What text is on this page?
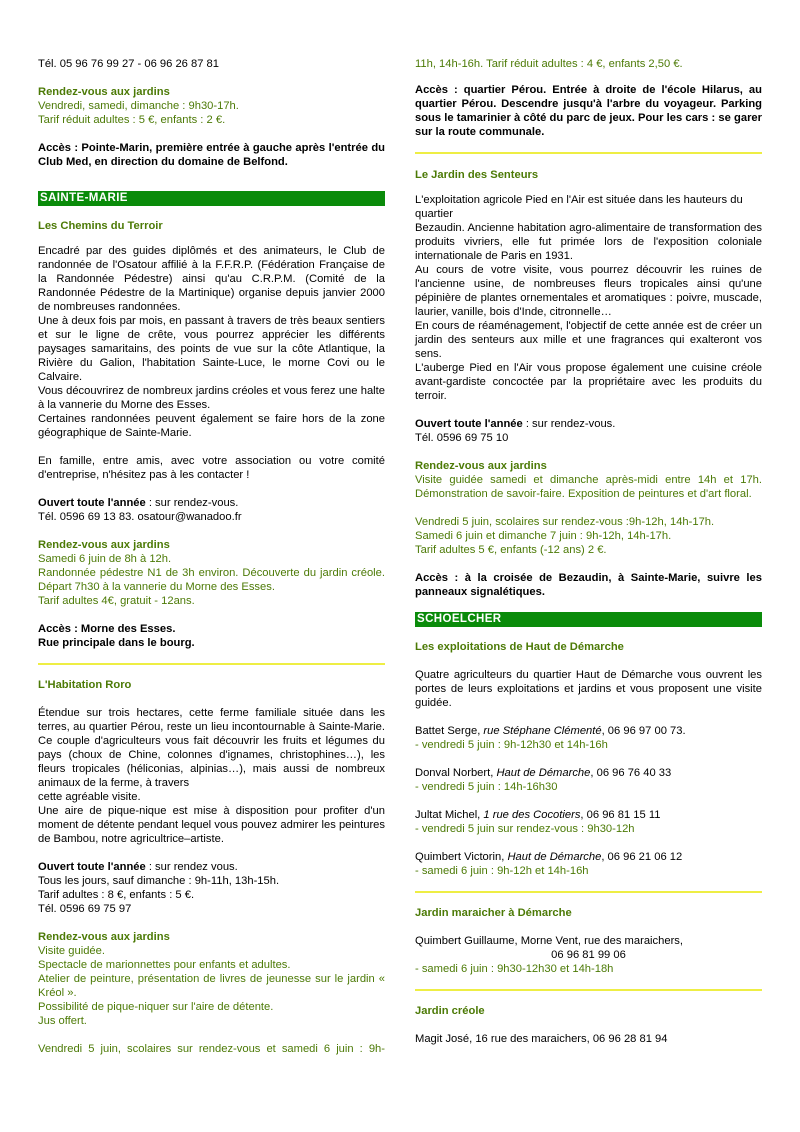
Tél. 05 96 76 99 27 - 06 96 26 87 81

Rendez-vous aux jardins

Vendredi, samedi, dimanche : 9h30-17h.

Tarif réduit adultes : 5 €, enfants : 2 €.

Accès : Pointe-Marin, première entrée à gauche après l'entrée du Club Med, en direction du domaine de Belfond.

SAINTE-MARIE

Les Chemins du Terroir

Encadré par des guides diplômés et des animateurs, le Club de randonnée de l'Osatour affilié à la F.F.R.P. (Fédération Française de la Randonnée Pédestre) ainsi qu'au C.R.P.M. (Comité de la Randonnée Pédestre de la Martinique) organise depuis janvier 2000 de nombreuses randonnées.

Une à deux fois par mois, en passant à travers de très beaux sentiers et sur le ligne de crête, vous pourrez apprécier les différents paysages samaritains, des points de vue sur la côte Atlantique, la Rivière du Galion, l'habitation Sainte-Luce, le morne Covi ou le Calvaire.

Vous découvrirez de nombreux jardins créoles et vous ferez une halte à la vannerie du Morne des Esses.

Certaines randonnées peuvent également se faire hors de la zone géographique de Sainte-Marie.

En famille, entre amis, avec votre association ou votre comité d'entreprise, n'hésitez pas à les contacter !

Ouvert toute l'année : sur rendez-vous.

Tél. 0596 69 13 83. osatour@wanadoo.fr

Rendez-vous aux jardins

Samedi 6 juin de 8h à 12h.

Randonnée pédestre N1 de 3h environ. Découverte du jardin créole. Départ 7h30 à la vannerie du Morne des Esses.

Tarif adultes 4€, gratuit - 12ans.

Accès : Morne des Esses.

Rue principale dans le bourg.

L'Habitation Roro

Étendue sur trois hectares, cette ferme familiale située dans les terres, au quartier Pérou, reste un lieu incontournable à Sainte-Marie. Ce couple d'agriculteurs vous fait découvrir les fruits et légumes du pays (choux de Chine, colonnes d'ignames, christophines…), les fleurs tropicales (héliconias, alpinias…), mais aussi de nombreux animaux de la ferme, à travers

cette agréable visite.

Une aire de pique-nique est mise à disposition pour profiter d'un moment de détente pendant lequel vous pouvez admirer les peintures de Bambou, notre agricultrice–artiste.

Ouvert toute l'année : sur rendez vous.

Tous les jours, sauf dimanche : 9h-11h, 13h-15h.

Tarif adultes : 8 €, enfants : 5 €.

Tél. 0596 69 75 97

Rendez-vous aux jardins

Visite guidée.

Spectacle de marionnettes pour enfants et adultes.

Atelier de peinture, présentation de livres de jeunesse sur le jardin « Kréol ».

Possibilité de pique-niquer sur l'aire de détente.

Jus offert.

Vendredi 5 juin, scolaires sur rendez-vous et samedi 6 juin : 9h-

11h, 14h-16h. Tarif réduit adultes : 4 €, enfants 2,50 €.

Accès : quartier Pérou. Entrée à droite de l'école Hilarus, au quartier Pérou. Descendre jusqu'à l'arbre du voyageur. Parking sous le tamarinier à côté du parc de jeux. Pour les cars : se garer sur la route communale.

Le Jardin des Senteurs

L'exploitation agricole Pied en l'Air est située dans les hauteurs du quartier

Bezaudin. Ancienne habitation agro-alimentaire de transformation des produits vivriers, elle fut primée lors de l'exposition coloniale internationale de Paris en 1931.

Au cours de votre visite, vous pourrez découvrir les ruines de l'ancienne usine, de nombreuses fleurs tropicales ainsi qu'une pépinière de plantes ornementales et aromatiques : poivre, muscade, laurier, vanille, bois d'Inde, citronnelle…

En cours de réaménagement, l'objectif de cette année est de créer un jardin des senteurs aux mille et une fragrances qui exalteront vos sens.

L'auberge Pied en l'Air vous propose également une cuisine créole avant-gardiste concoctée par la propriétaire avec les produits du terroir.

Ouvert toute l'année : sur rendez-vous.

Tél. 0596 69 75 10

Rendez-vous aux jardins

Visite guidée samedi et dimanche après-midi entre 14h et 17h. Démonstration de savoir-faire. Exposition de peintures et d'art floral.

Vendredi 5 juin, scolaires sur rendez-vous :9h-12h, 14h-17h.

Samedi 6 juin et dimanche 7 juin : 9h-12h, 14h-17h.

Tarif adultes 5 €, enfants (-12 ans) 2 €.

Accès : à la croisée de Bezaudin, à Sainte-Marie, suivre les panneaux signalétiques.

SCHOELCHER

Les exploitations de Haut de Démarche

Quatre agriculteurs du quartier Haut de Démarche vous ouvrent les portes de leurs exploitations et jardins et vous proposent une visite guidée.

Battet Serge, rue Stéphane Clémenté, 06 96 97 00 73.

- vendredi 5 juin : 9h-12h30 et 14h-16h

Donval Norbert, Haut de Démarche, 06 96 76 40 33

- vendredi 5 juin : 14h-16h30

Jultat Michel, 1 rue des Cocotiers, 06 96 81 15 11

- vendredi 5 juin sur rendez-vous : 9h30-12h

Quimbert Victorin, Haut de Démarche, 06 96 21 06 12

- samedi 6 juin : 9h-12h et 14h-16h

Jardin maraicher à Démarche

Quimbert Guillaume, Morne Vent, rue des maraichers,

06 96 81 99 06

- samedi 6 juin : 9h30-12h30 et 14h-18h

Jardin créole

Magit José, 16 rue des maraichers, 06 96 28 81 94
